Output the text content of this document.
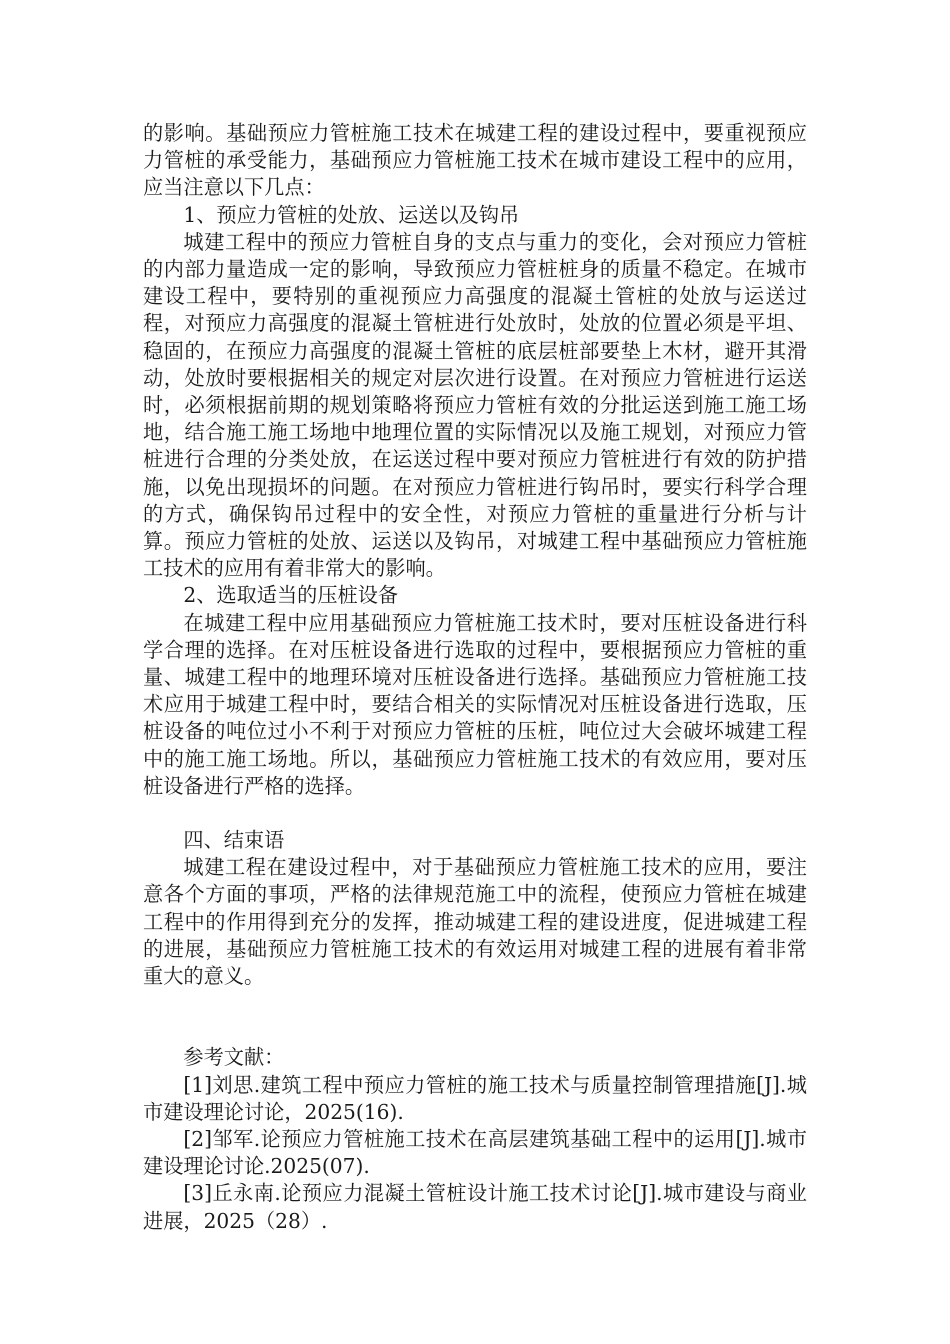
的影响。基础预应力管桩施工技术在城建工程的建设过程中，要重视预应力管桩的承受能力，基础预应力管桩施工技术在城市建设工程中的应用，应当注意以下几点：

1、预应力管桩的处放、运送以及钩吊

城建工程中的预应力管桩自身的支点与重力的变化，会对预应力管桩的内部力量造成一定的影响，导致预应力管桩桩身的质量不稳定。在城市建设工程中，要特别的重视预应力高强度的混凝土管桩的处放与运送过程，对预应力高强度的混凝土管桩进行处放时，处放的位置必须是平坦、稳固的，在预应力高强度的混凝土管桩的底层桩部要垫上木材，避开其滑动，处放时要根据相关的规定对层次进行设置。在对预应力管桩进行运送时，必须根据前期的规划策略将预应力管桩有效的分批运送到施工施工场地，结合施工施工场地中地理位置的实际情况以及施工规划，对预应力管桩进行合理的分类处放，在运送过程中要对预应力管桩进行有效的防护措施，以免出现损坏的问题。在对预应力管桩进行钩吊时，要实行科学合理的方式，确保钩吊过程中的安全性，对预应力管桩的重量进行分析与计算。预应力管桩的处放、运送以及钩吊，对城建工程中基础预应力管桩施工技术的应用有着非常大的影响。

2、选取适当的压桩设备

在城建工程中应用基础预应力管桩施工技术时，要对压桩设备进行科学合理的选择。在对压桩设备进行选取的过程中，要根据预应力管桩的重量、城建工程中的地理环境对压桩设备进行选择。基础预应力管桩施工技术应用于城建工程中时，要结合相关的实际情况对压桩设备进行选取，压桩设备的吨位过小不利于对预应力管桩的压桩，吨位过大会破坏城建工程中的施工施工场地。所以，基础预应力管桩施工技术的有效应用，要对压桩设备进行严格的选择。

四、结束语

城建工程在建设过程中，对于基础预应力管桩施工技术的应用，要注意各个方面的事项，严格的法律规范施工中的流程，使预应力管桩在城建工程中的作用得到充分的发挥，推动城建工程的建设进度，促进城建工程的进展，基础预应力管桩施工技术的有效运用对城建工程的进展有着非常重大的意义。

参考文献：

[1]刘思.建筑工程中预应力管桩的施工技术与质量控制管理措施[J].城市建设理论讨论，2025(16).

[2]邹军.论预应力管桩施工技术在高层建筑基础工程中的运用[J].城市建设理论讨论.2025(07).

[3]丘永南.论预应力混凝土管桩设计施工技术讨论[J].城市建设与商业进展，2025（28）.
